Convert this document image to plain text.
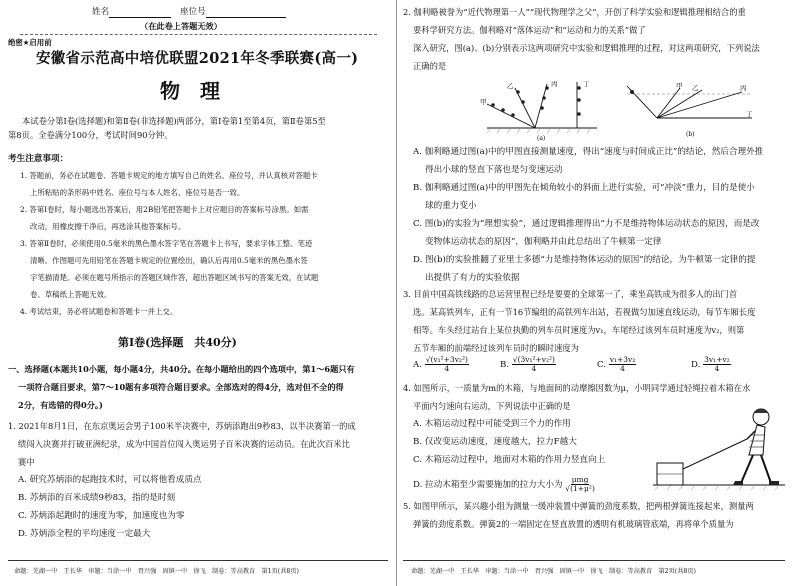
姓名	座位号
（在此卷上答题无效）
绝密★启用前
安徽省示范高中培优联盟2021年冬季联赛(高一)
物　理
本试卷分第Ⅰ卷(选择题)和第Ⅱ卷(非选择题)两部分，第Ⅰ卷第1至第4页，第Ⅱ卷第5至
第8页。全卷满分100分，考试时间90分钟。
考生注意事项：
1. 答题前，务必在试题卷、答题卡规定的地方填写自己的姓名、座位号，并认真核对答题卡
上所粘贴的条形码中姓名、座位号与本人姓名、座位号是否一致。
2. 答第Ⅰ卷时，每小题选出答案后，用2B铅笔把答题卡上对应题目的答案标号涂黑。如需
改动，用橡皮擦干净后，再选涂其他答案标号。
3. 答第Ⅱ卷时，必须使用0.5毫米的黑色墨水签字笔在答题卡上书写，要求字体工整、笔迹
清晰。作图题可先用铅笔在答题卡规定的位置绘出，确认后再用0.5毫米的黑色墨水签
字笔描清楚。必须在题号所指示的答题区域作答，超出答题区域书写的答案无效，在试题
卷、草稿纸上答题无效。
4. 考试结束，务必将试题卷和答题卡一并上交。
第Ⅰ卷(选择题　共40分)
一、选择题(本题共10小题，每小题4分，共40分。在每小题给出的四个选项中，第1～6题只有
一项符合题目要求，第7～10题有多项符合题目要求。全部选对的得4分，选对但不全的得
2分，有选错的得0分。)
1. 2021年8月1日，在东京奥运会男子100米半决赛中，苏炳添跑出9秒83，以半决赛第一的成
绩闯入决赛并打破亚洲纪录，成为中国首位闯入奥运男子百米决赛的运动员。在此次百米比
赛中
A. 研究苏炳添的起跑技术时，可以将他看成质点
B. 苏炳添的百米成绩9秒83，指的是时刻
C. 苏炳添起跑时的速度为零，加速度也为零
D. 苏炳添全程的平均速度一定最大
命题：芜湖一中　王长华　审题：当涂一中　胥兴强　固镇一中　徐飞　制卷：等高教育　第1页(共8页)
2. 伽利略被誉为“近代物理第一人”“现代物理学之父”，开创了科学实验和逻辑推理相结合的重
要科学研究方法。伽利略对“落体运动”和“运动和力的关系”做了
深入研究，图(a)、(b)分别表示这两项研究中实验和逻辑推理的过程，对这两项研究，下列说法
正确的是
甲
乙	丙	丁
(a)
甲 乙	丙
丁
(b)
A. 伽利略通过图(a)中的甲图直接测量速度，得出“速度与时间成正比”的结论，然后合理外推
得出小球的竖直下落也是匀变速运动
B. 伽利略通过图(a)中的甲图先在倾角较小的斜面上进行实验，可“冲淡”重力，目的是使小
球的重力变小
C. 图(b)的实验为“理想实验”，通过逻辑推理得出“力不是维持物体运动状态的原因，而是改
变物体运动状态的原因”，伽利略并由此总结出了牛顿第一定律
D. 图(b)的实验推翻了亚里士多德“力是维持物体运动的原因”的结论，为牛顿第一定律的提
出提供了有力的实验依据
3. 目前中国高铁线路的总运营里程已经是要要的全球第一了，乘坐高铁成为很多人的出门首
选。某高铁列车，正有一节16节编组的高铁列车出站，若视做匀加速直线运动，每节车厢长度
相等。车头经过站台上某位执勤的列车员时速度为v₁，车尾经过该列车员时速度为v₂，则第
五节车厢的前端经过该列车员时的瞬时速度为
A. $\frac{\text{√(v₁²+3v₂²)}}{4}$	B. $\frac{\text{√(3v₁²+v₂²)}}{4}$	C. $\frac{\text{v₁+3v₂}}{4}$	D. $\frac{\text{3v₁+v₂}}{4}$
4. 如图所示，一质量为m的木箱，与地面间的动摩擦因数为μ，小明同学通过轻绳拉着木箱在水
平面内匀速向右运动，下列说法中正确的是
A. 木箱运动过程中可能受到三个力的作用
B. 仅改变运动速度，速度越大，拉力F越大
C. 木箱运动过程中，地面对木箱的作用力竖直向上
D. 拉动木箱至少需要施加的拉力大小为 $\frac{\text{μmg}}{\text{√(1+μ²)}}$
5. 如图甲所示，某兴趣小组为测量一缓冲装置中弹簧的劲度系数，把两根弹簧连接起来，测量两
弹簧的劲度系数。弹簧2的一端固定在竖直放置的透明有机玻璃管底端，再将单个质量为
命题：芜湖一中　王长华　审题：当涂一中　胥兴强　固镇一中　徐飞　制卷：等高教育　第2页(共8页)
